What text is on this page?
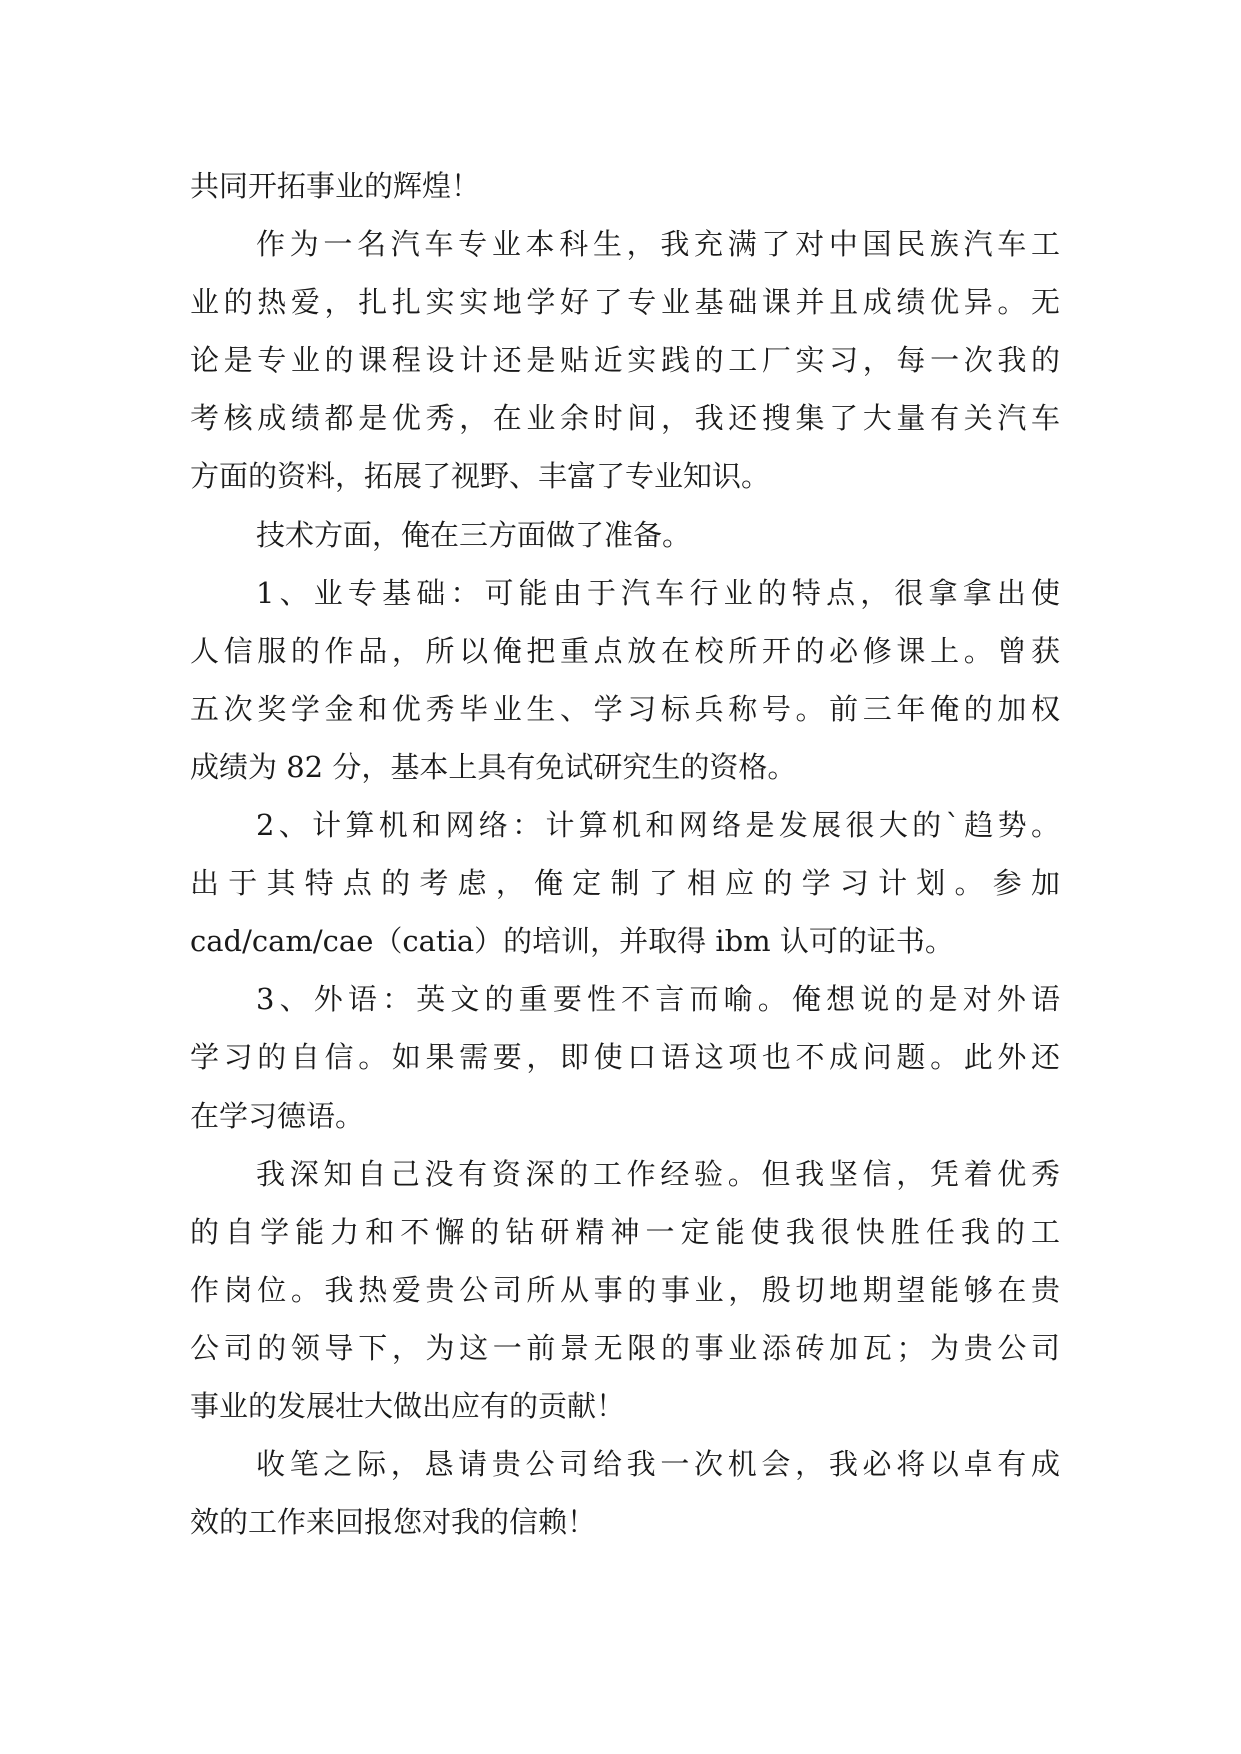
共同开拓事业的辉煌！
作为一名汽车专业本科生，我充满了对中国民族汽车工
业的热爱，扎扎实实地学好了专业基础课并且成绩优异。无
论是专业的课程设计还是贴近实践的工厂实习，每一次我的
考核成绩都是优秀，在业余时间，我还搜集了大量有关汽车
方面的资料，拓展了视野、丰富了专业知识。
技术方面，俺在三方面做了准备。
1、业专基础：可能由于汽车行业的特点，很拿拿出使
人信服的作品，所以俺把重点放在校所开的必修课上。曾获
五次奖学金和优秀毕业生、学习标兵称号。前三年俺的加权
成绩为 82 分，基本上具有免试研究生的资格。
2、计算机和网络：计算机和网络是发展很大的`趋势。
出于其特点的考虑，俺定制了相应的学习计划。参加
cad/cam/cae（catia）的培训，并取得 ibm 认可的证书。
3、外语：英文的重要性不言而喻。俺想说的是对外语
学习的自信。如果需要，即使口语这项也不成问题。此外还
在学习德语。
我深知自己没有资深的工作经验。但我坚信，凭着优秀
的自学能力和不懈的钻研精神一定能使我很快胜任我的工
作岗位。我热爱贵公司所从事的事业，殷切地期望能够在贵
公司的领导下，为这一前景无限的事业添砖加瓦；为贵公司
事业的发展壮大做出应有的贡献！
收笔之际，恳请贵公司给我一次机会，我必将以卓有成
效的工作来回报您对我的信赖！
